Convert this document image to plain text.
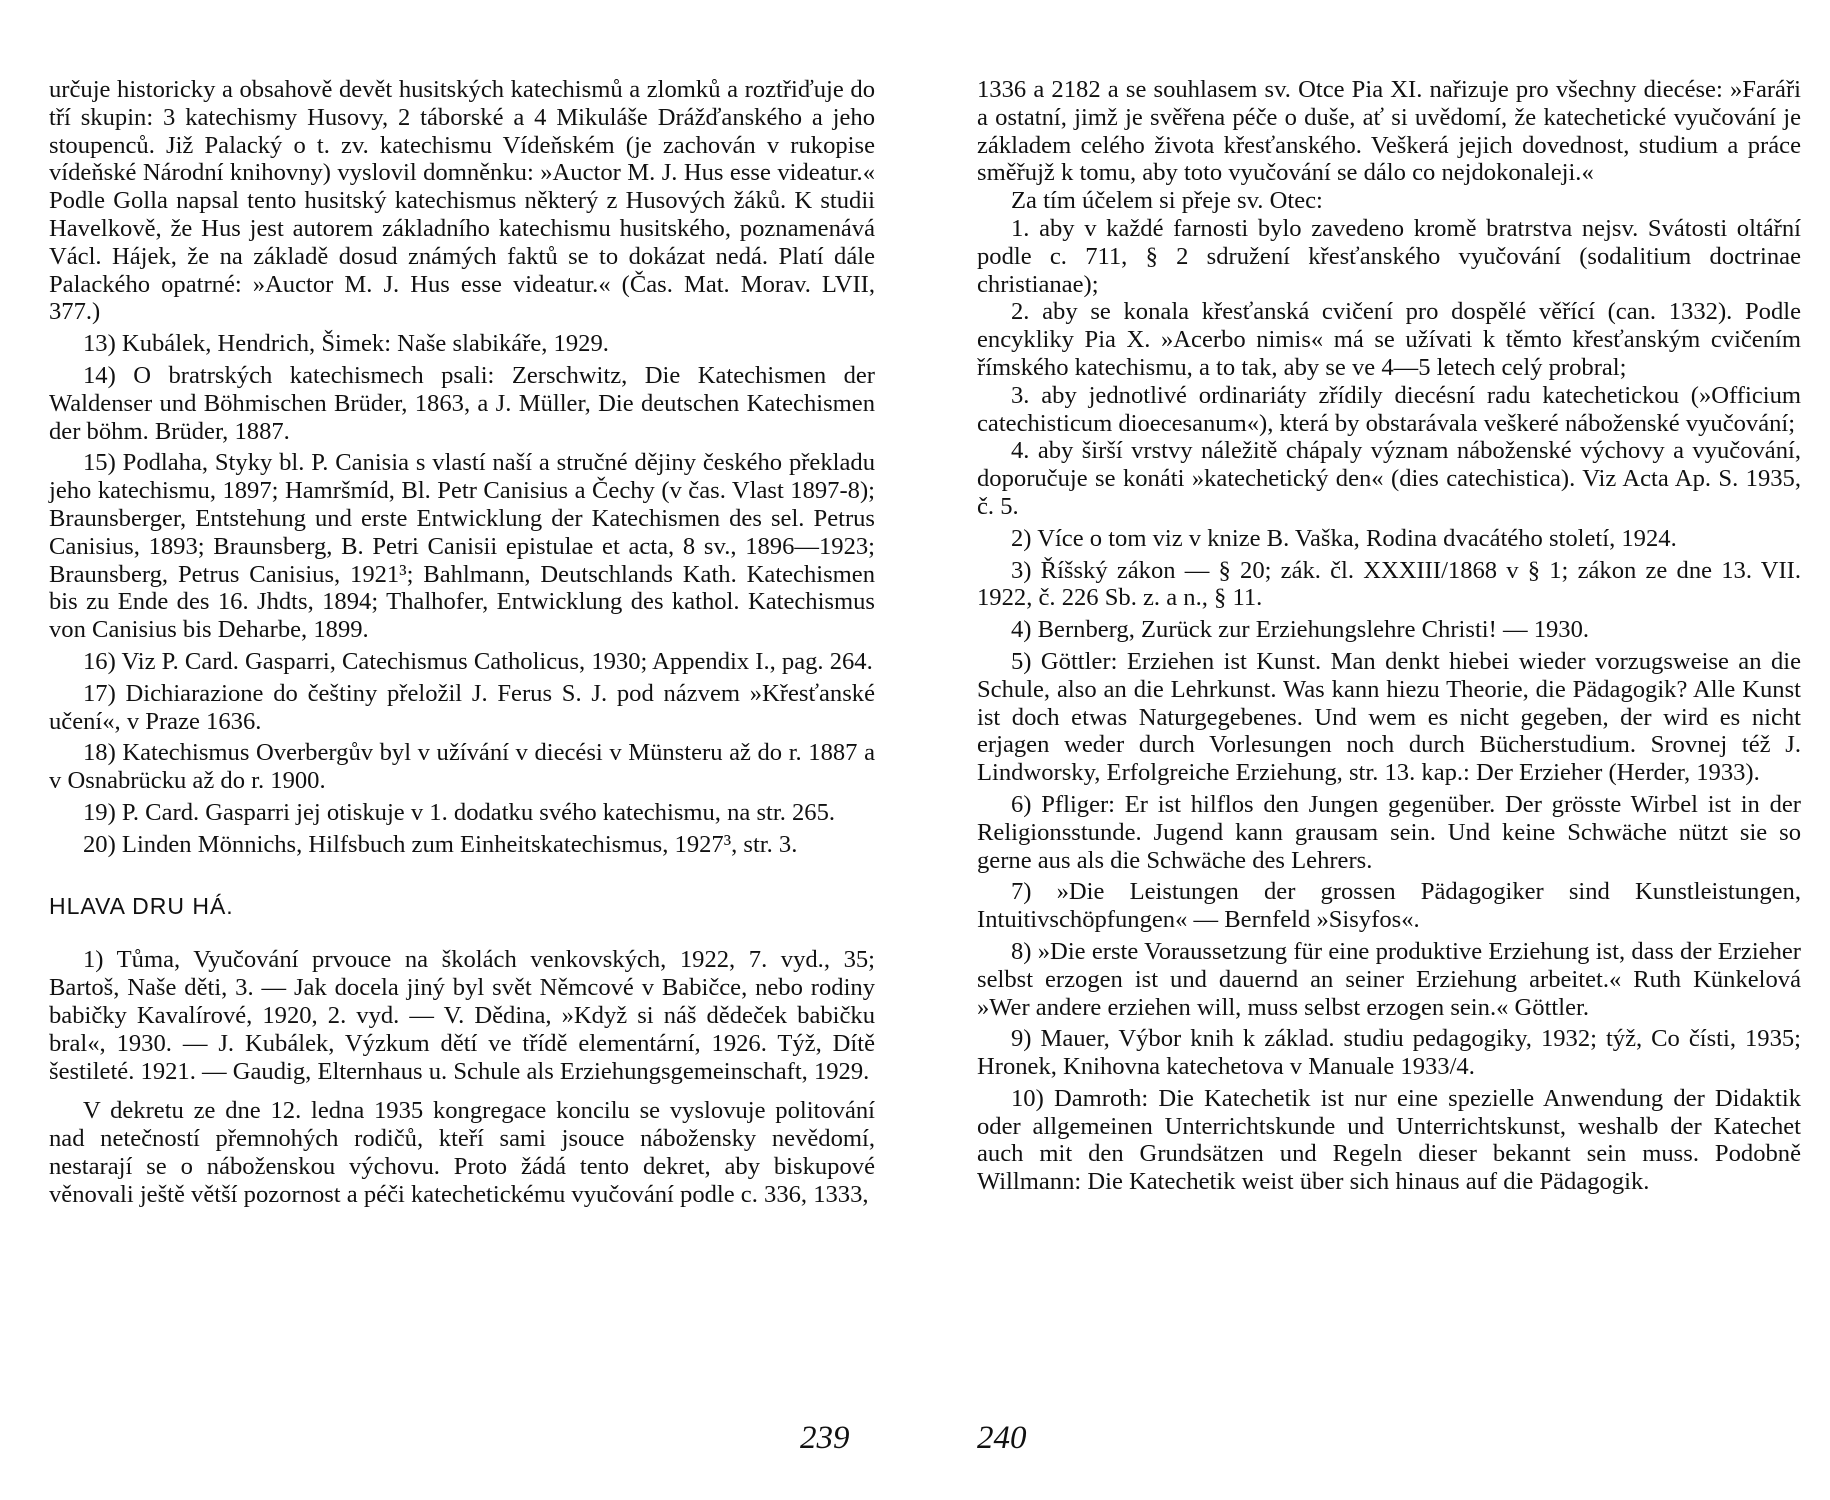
určuje historicky a obsahově devět husitských katechismů a zlomků a roztřiďuje do tří skupin: 3 katechismy Husovy, 2 táborské a 4 Mikuláše Drážďanského a jeho stoupenců. Již Palacký o t. zv. katechismu Vídeňském (je zachován v rukopise vídeňské Národní knihovny) vyslovil domněnku: »Auctor M. J. Hus esse videatur.« Podle Golla napsal tento husitský katechismus některý z Husových žáků. K studii Havelkově, že Hus jest autorem základního katechismu husitského, poznamenává Václ. Hájek, že na základě dosud známých faktů se to dokázat nedá. Platí dále Palackého opatrné: »Auctor M. J. Hus esse videatur.« (Čas. Mat. Morav. LVII, 377.)

13) Kubálek, Hendrich, Šimek: Naše slabikáře, 1929.

14) O bratrských katechismech psali: Zerschwitz, Die Katechismen der Waldenser und Böhmischen Brüder, 1863, a J. Müller, Die deutschen Katechismen der böhm. Brüder, 1887.

15) Podlaha, Styky bl. P. Canisia s vlastí naší a stručné dějiny českého překladu jeho katechismu, 1897; Hamršmíd, Bl. Petr Canisius a Čechy (v čas. Vlast 1897-8); Braunsberger, Entstehung und erste Entwicklung der Katechismen des sel. Petrus Canisius, 1893; Braunsberg, B. Petri Canisii epistulae et acta, 8 sv., 1896—1923; Braunsberg, Petrus Canisius, 1921³; Bahlmann, Deutschlands Kath. Katechismen bis zu Ende des 16. Jhdts, 1894; Thalhofer, Entwicklung des kathol. Katechismus von Canisius bis Deharbe, 1899.

16) Viz P. Card. Gasparri, Catechismus Catholicus, 1930; Appendix I., pag. 264.

17) Dichiarazione do češtiny přeložil J. Ferus S. J. pod názvem »Křesťanské učení«, v Praze 1636.

18) Katechismus Overbergův byl v užívání v diecési v Münsteru až do r. 1887 a v Osnabrücku až do r. 1900.

19) P. Card. Gasparri jej otiskuje v 1. dodatku svého katechismu, na str. 265.

20) Linden Mönnichs, Hilfsbuch zum Einheitskatechismus, 1927³, str. 3.

HLAVA DRU HÁ.

1) Tůma, Vyučování prvouce na školách venkovských, 1922, 7. vyd., 35; Bartoš, Naše děti, 3. — Jak docela jiný byl svět Němcové v Babičce, nebo rodiny babičky Kavalírové, 1920, 2. vyd. — V. Dědina, »Když si náš dědeček babičku bral«, 1930. — J. Kubálek, Výzkum dětí ve třídě elementární, 1926. Týž, Dítě šestileté. 1921. — Gaudig, Elternhaus u. Schule als Erziehungsgemeinschaft, 1929.

V dekretu ze dne 12. ledna 1935 kongregace koncilu se vyslovuje politování nad netečností přemnohých rodičů, kteří sami jsouce nábožensky nevědomí, nestarají se o náboženskou výchovu. Proto žádá tento dekret, aby biskupové věnovali ještě větší pozornost a péči katechetickému vyučování podle c. 336, 1333,

1336 a 2182 a se souhlasem sv. Otce Pia XI. nařizuje pro všechny diecése: »Faráři a ostatní, jimž je svěřena péče o duše, ať si uvědomí, že katechetické vyučování je základem celého života křesťanského. Veškerá jejich dovednost, studium a práce směřujž k tomu, aby toto vyučování se dálo co nejdokonaleji.«

Za tím účelem si přeje sv. Otec:

1. aby v každé farnosti bylo zavedeno kromě bratrstva nejsv. Svátosti oltářní podle c. 711, § 2 sdružení křesťanského vyučování (sodalitium doctrinae christianae);

2. aby se konala křesťanská cvičení pro dospělé věřící (can. 1332). Podle encykliky Pia X. »Acerbo nimis« má se užívati k těmto křesťanským cvičením římského katechismu, a to tak, aby se ve 4—5 letech celý probral;

3. aby jednotlivé ordinariáty zřídily diecésní radu katechetickou (»Officium catechisticum dioecesanum«), která by obstarávala veškeré náboženské vyučování;

4. aby širší vrstvy náležitě chápaly význam náboženské výchovy a vyučování, doporučuje se konáti »katechetický den« (dies catechistica). Viz Acta Ap. S. 1935, č. 5.

2) Více o tom viz v knize B. Vaška, Rodina dvacátého století, 1924.

3) Říšský zákon — § 20; zák. čl. XXXIII/1868 v § 1; zákon ze dne 13. VII. 1922, č. 226 Sb. z. a n., § 11.

4) Bernberg, Zurück zur Erziehungslehre Christi! — 1930.

5) Göttler: Erziehen ist Kunst. Man denkt hiebei wieder vorzugsweise an die Schule, also an die Lehrkunst. Was kann hiezu Theorie, die Pädagogik? Alle Kunst ist doch etwas Naturgegebenes. Und wem es nicht gegeben, der wird es nicht erjagen weder durch Vorlesungen noch durch Bücherstudium. Srovnej též J. Lindworsky, Erfolgreiche Erziehung, str. 13. kap.: Der Erzieher (Herder, 1933).

6) Pfliger: Er ist hilflos den Jungen gegenüber. Der grösste Wirbel ist in der Religionsstunde. Jugend kann grausam sein. Und keine Schwäche nützt sie so gerne aus als die Schwäche des Lehrers.

7) »Die Leistungen der grossen Pädagogiker sind Kunstleistungen, Intuitivschöpfungen« — Bernfeld »Sisyfos«.

8) »Die erste Voraussetzung für eine produktive Erziehung ist, dass der Erzieher selbst erzogen ist und dauernd an seiner Erziehung arbeitet.« Ruth Künkelová »Wer andere erziehen will, muss selbst erzogen sein.« Göttler.

9) Mauer, Výbor knih k základ. studiu pedagogiky, 1932; týž, Co čísti, 1935; Hronek, Knihovna katechetova v Manuale 1933/4.

10) Damroth: Die Katechetik ist nur eine spezielle Anwendung der Didaktik oder allgemeinen Unterrichtskunde und Unterrichtskunst, weshalb der Katechet auch mit den Grundsätzen und Regeln dieser bekannt sein muss. Podobně Willmann: Die Katechetik weist über sich hinaus auf die Pädagogik.

239	240
